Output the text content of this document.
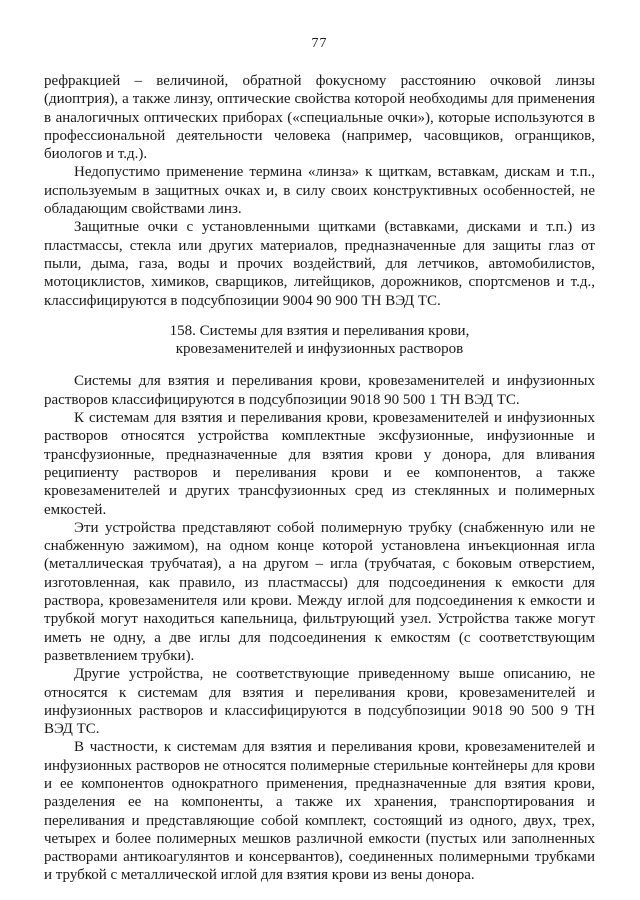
77

рефракцией – величиной, обратной фокусному расстоянию очковой линзы (диоптрия), а также линзу, оптические свойства которой необходимы для применения в аналогичных оптических приборах («специальные очки»), которые используются в профессиональной деятельности человека (например, часовщиков, огранщиков, биологов и т.д.).

Недопустимо применение термина «линза» к щиткам, вставкам, дискам и т.п., используемым в защитных очках и, в силу своих конструктивных особенностей, не обладающим свойствами линз.

Защитные очки с установленными щитками (вставками, дисками и т.п.) из пластмассы, стекла или других материалов, предназначенные для защиты глаз от пыли, дыма, газа, воды и прочих воздействий, для летчиков, автомобилистов, мотоциклистов, химиков, сварщиков, литейщиков, дорожников, спортсменов и т.д., классифицируются в подсубпозиции 9004 90 900 ТН ВЭД ТС.

158. Системы для взятия и переливания крови,
кровезаменителей и инфузионных растворов

Системы для взятия и переливания крови, кровезаменителей и инфузионных растворов классифицируются в подсубпозиции 9018 90 500 1 ТН ВЭД ТС.

К системам для взятия и переливания крови, кровезаменителей и инфузионных растворов относятся устройства комплектные эксфузионные, инфузионные и трансфузионные, предназначенные для взятия крови у донора, для вливания реципиенту растворов и переливания крови и ее компонентов, а также кровезаменителей и других трансфузионных сред из стеклянных и полимерных емкостей.

Эти устройства представляют собой полимерную трубку (снабженную или не снабженную зажимом), на одном конце которой установлена инъекционная игла (металлическая трубчатая), а на другом – игла (трубчатая, с боковым отверстием, изготовленная, как правило, из пластмассы) для подсоединения к емкости для раствора, кровезаменителя или крови. Между иглой для подсоединения к емкости и трубкой могут находиться капельница, фильтрующий узел. Устройства также могут иметь не одну, а две иглы для подсоединения к емкостям (с соответствующим разветвлением трубки).

Другие устройства, не соответствующие приведенному выше описанию, не относятся к системам для взятия и переливания крови, кровезаменителей и инфузионных растворов и классифицируются в подсубпозиции 9018 90 500 9 ТН ВЭД ТС.

В частности, к системам для взятия и переливания крови, кровезаменителей и инфузионных растворов не относятся полимерные стерильные контейнеры для крови и ее компонентов однократного применения, предназначенные для взятия крови, разделения ее на компоненты, а также их хранения, транспортирования и переливания и представляющие собой комплект, состоящий из одного, двух, трех, четырех и более полимерных мешков различной емкости (пустых или заполненных растворами антикоагулянтов и консервантов), соединенных полимерными трубками и трубкой с металлической иглой для взятия крови из вены донора.
